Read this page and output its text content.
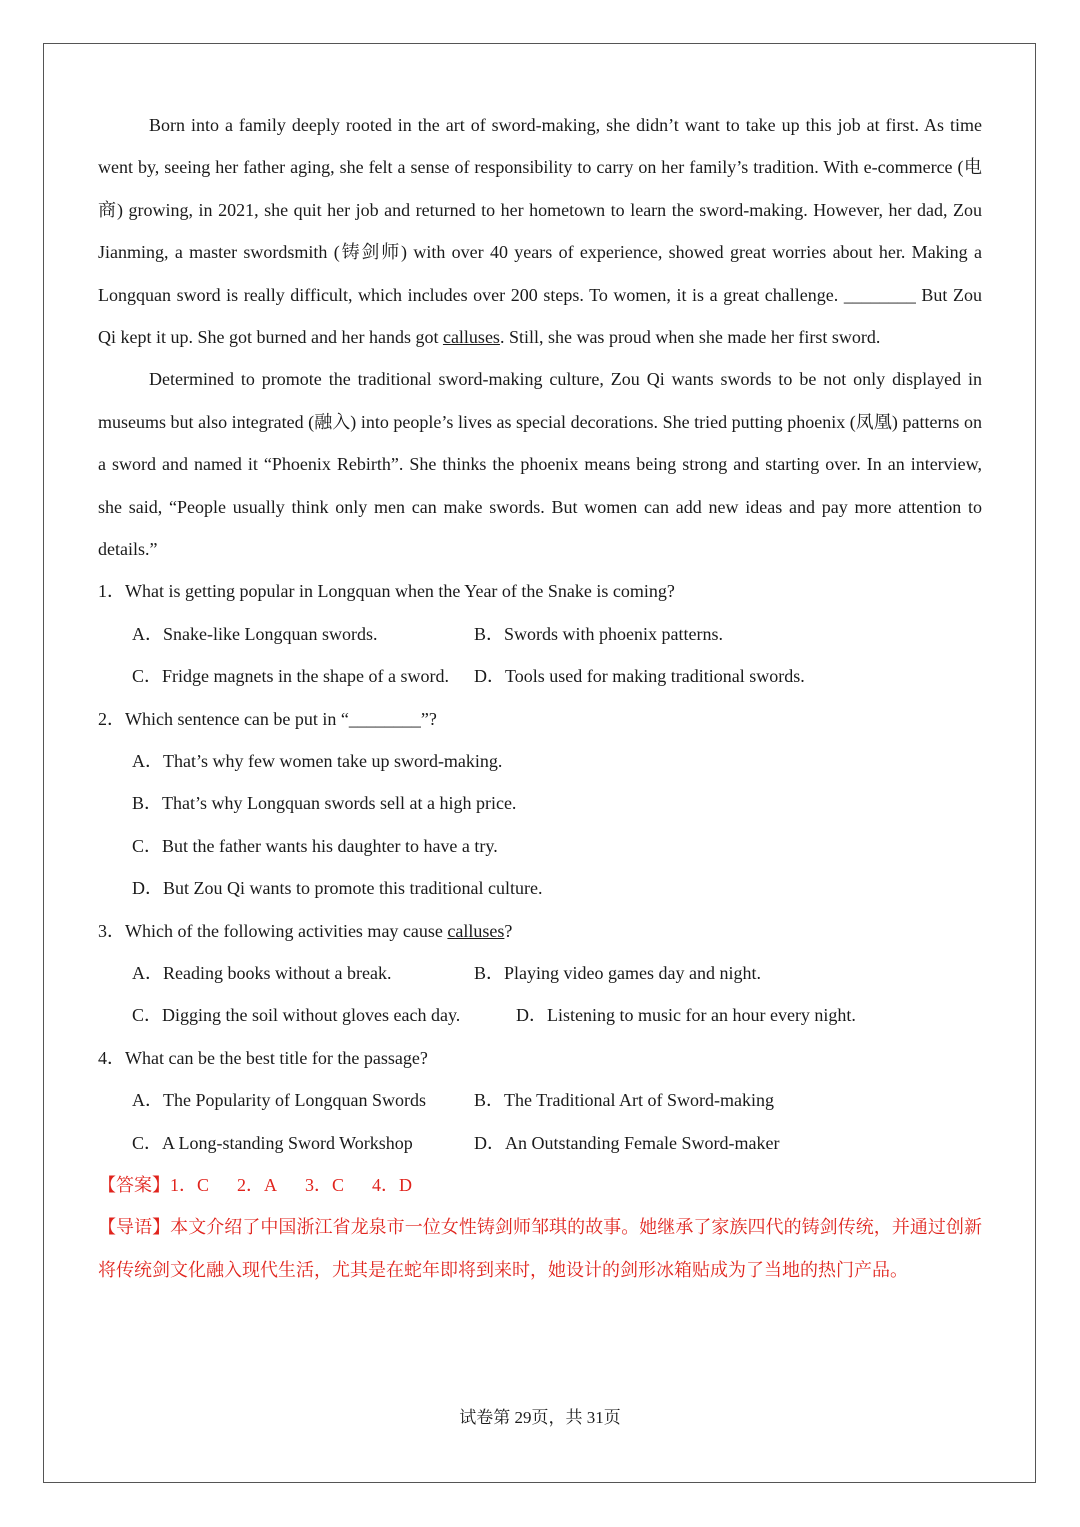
Born into a family deeply rooted in the art of sword-making, she didn’t want to take up this job at first. As time went by, seeing her father aging, she felt a sense of responsibility to carry on her family’s tradition. With e-commerce (电商) growing, in 2021, she quit her job and returned to her hometown to learn the sword-making. However, her dad, Zou Jianming, a master swordsmith (铸剑师) with over 40 years of experience, showed great worries about her. Making a Longquan sword is really difficult, which includes over 200 steps. To women, it is a great challenge. ________ But Zou Qi kept it up. She got burned and her hands got calluses. Still, she was proud when she made her first sword.

Determined to promote the traditional sword-making culture, Zou Qi wants swords to be not only displayed in museums but also integrated (融入) into people’s lives as special decorations. She tried putting phoenix (凤凰) patterns on a sword and named it “Phoenix Rebirth”. She thinks the phoenix means being strong and starting over. In an interview, she said, “People usually think only men can make swords. But women can add new ideas and pay more attention to details.”

1．What is getting popular in Longquan when the Year of the Snake is coming?
A．Snake-like Longquan swords.	B．Swords with phoenix patterns.
C．Fridge magnets in the shape of a sword. D．Tools used for making traditional swords.
2．Which sentence can be put in “________”?
A．That’s why few women take up sword-making.
B．That’s why Longquan swords sell at a high price.
C．But the father wants his daughter to have a try.
D．But Zou Qi wants to promote this traditional culture.
3．Which of the following activities may cause calluses?
A．Reading books without a break.	B．Playing video games day and night.
C．Digging the soil without gloves each day.	D．Listening to music for an hour every night.
4．What can be the best title for the passage?
A．The Popularity of Longquan Swords	B．The Traditional Art of Sword-making
C．A Long-standing Sword Workshop	D．An Outstanding Female Sword-maker
【答案】1．C 2．A 3．C 4．D

【导语】本文介绍了中国浙江省龙泉市一位女性铸剑师邹琪的故事。她继承了家族四代的铸剑传统，并通过创新将传统剑文化融入现代生活，尤其是在蛇年即将到来时，她设计的剑形冰箱贴成为了当地的热门产品。

试卷第 29页，共 31页
